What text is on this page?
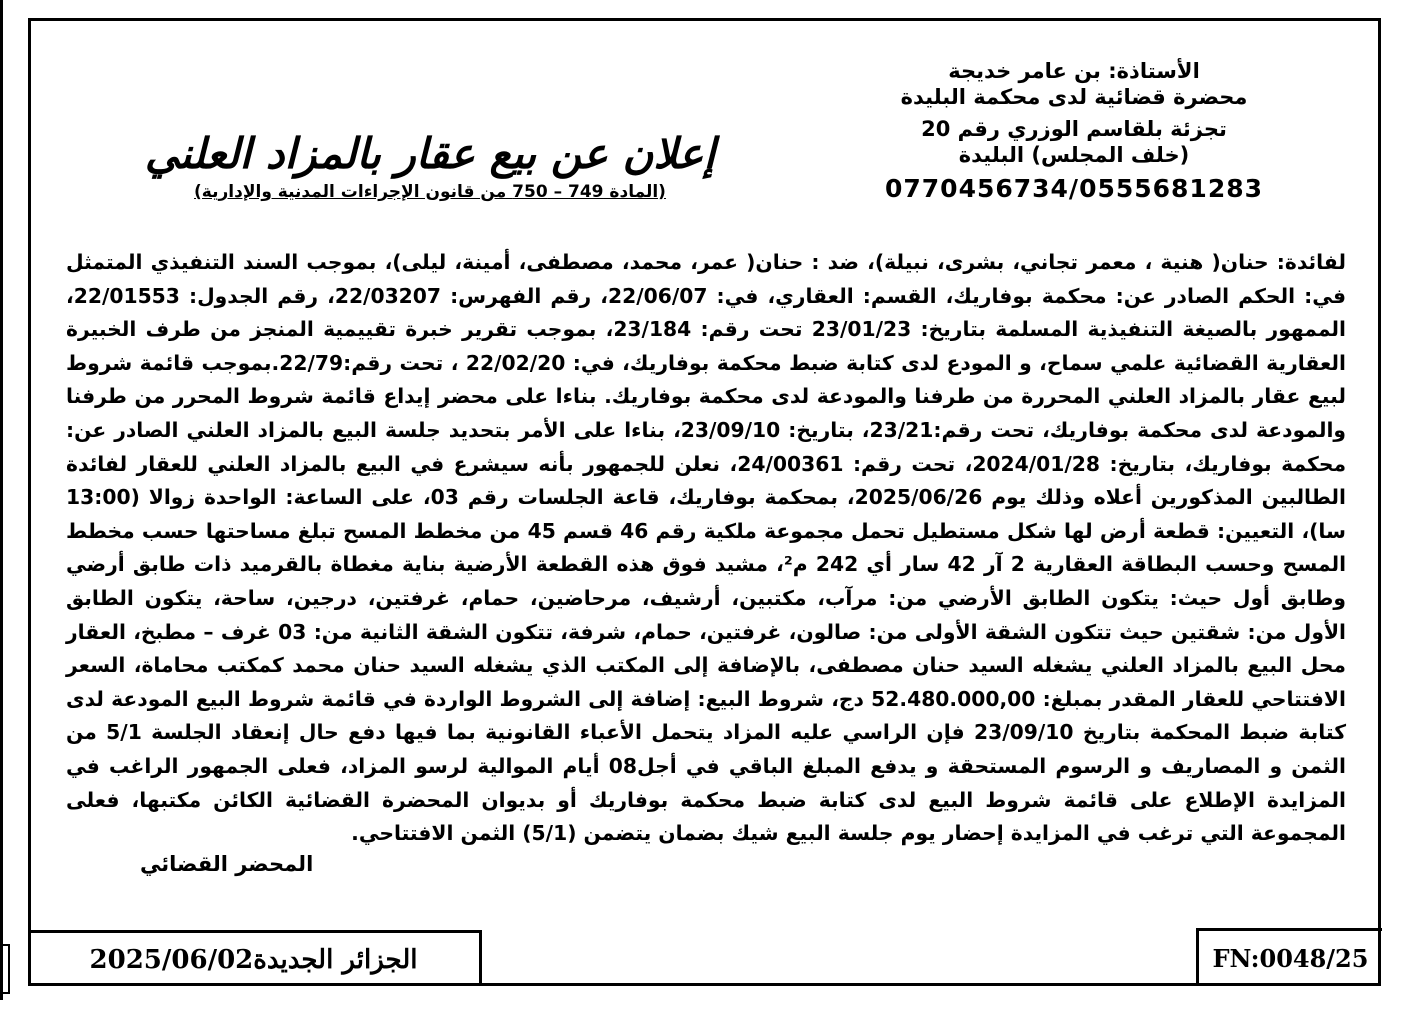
الأستاذة: بن عامر خديجة
محضرة قضائية لدى محكمة البليدة
تجزئة بلقاسم الوزري رقم 20
(خلف المجلس) البليدة
0770456734/0555681283
إعلان عن بيع عقار بالمزاد العلني
(المادة 749 – 750 من قانون الإجراءات المدنية والإدارية)
لفائدة: حنان( هنية ، معمر تجاني، بشرى، نبيلة)، ضد : حنان( عمر، محمد، مصطفى، أمينة، ليلى)، بموجب السند التنفيذي المتمثل في: الحكم الصادر عن: محكمة بوفاريك، القسم: العقاري، في: 22/06/07، رقم الفهرس: 22/03207، رقم الجدول: 22/01553، الممهور بالصيغة التنفيذية المسلمة بتاريخ: 23/01/23 تحت رقم: 23/184، بموجب تقرير خبرة تقييمية المنجز من طرف الخبيرة العقارية القضائية علمي سماح، و المودع لدى كتابة ضبط محكمة بوفاريك، في: 22/02/20 ، تحت رقم:22/79.بموجب قائمة شروط لبيع عقار بالمزاد العلني المحررة من طرفنا والمودعة لدى محكمة بوفاريك. بناءا على محضر إيداع قائمة شروط المحرر من طرفنا والمودعة لدى محكمة بوفاريك، تحت رقم:23/21، بتاريخ: 23/09/10، بناءا على الأمر بتحديد جلسة البيع بالمزاد العلني الصادر عن: محكمة بوفاريك، بتاريخ: 2024/01/28، تحت رقم: 24/00361، نعلن للجمهور بأنه سيشرع في البيع بالمزاد العلني للعقار لفائدة الطالبين المذكورين أعلاه وذلك يوم 2025/06/26، بمحكمة بوفاريك، قاعة الجلسات رقم 03، على الساعة: الواحدة زوالا (13:00 سا)، التعيين: قطعة أرض لها شكل مستطيل تحمل مجموعة ملكية رقم 46 قسم 45 من مخطط المسح تبلغ مساحتها حسب مخطط المسح وحسب البطاقة العقارية 2 آر 42 سار أي 242 م²، مشيد فوق هذه القطعة الأرضية بناية مغطاة بالقرميد ذات طابق أرضي وطابق أول حيث: يتكون الطابق الأرضي من: مرآب، مكتبين، أرشيف، مرحاضين، حمام، غرفتين، درجين، ساحة، يتكون الطابق الأول من: شقتين حيث تتكون الشقة الأولى من: صالون، غرفتين، حمام، شرفة، تتكون الشقة الثانية من: 03 غرف – مطبخ، العقار محل البيع بالمزاد العلني يشغله السيد حنان مصطفى، بالإضافة إلى المكتب الذي يشغله السيد حنان محمد كمكتب محاماة، السعر الافتتاحي للعقار المقدر بمبلغ: 52.480.000,00 دج، شروط البيع: إضافة إلى الشروط الواردة في قائمة شروط البيع المودعة لدى كتابة ضبط المحكمة بتاريخ 23/09/10 فإن الراسي عليه المزاد يتحمل الأعباء القانونية بما فيها دفع حال إنعقاد الجلسة 5/1 من الثمن و المصاريف و الرسوم المستحقة و يدفع المبلغ الباقي في أجل08 أيام الموالية لرسو المزاد، فعلى الجمهور الراغب في المزايدة الإطلاع على قائمة شروط البيع لدى كتابة ضبط محكمة بوفاريك أو بديوان المحضرة القضائية الكائن مكتبها، فعلى المجموعة التي ترغب في المزايدة إحضار يوم جلسة البيع شيك بضمان يتضمن (5/1) الثمن الافتتاحي.
المحضر القضائي
الجزائر الجديدة2025/06/02	FN:0048/25
